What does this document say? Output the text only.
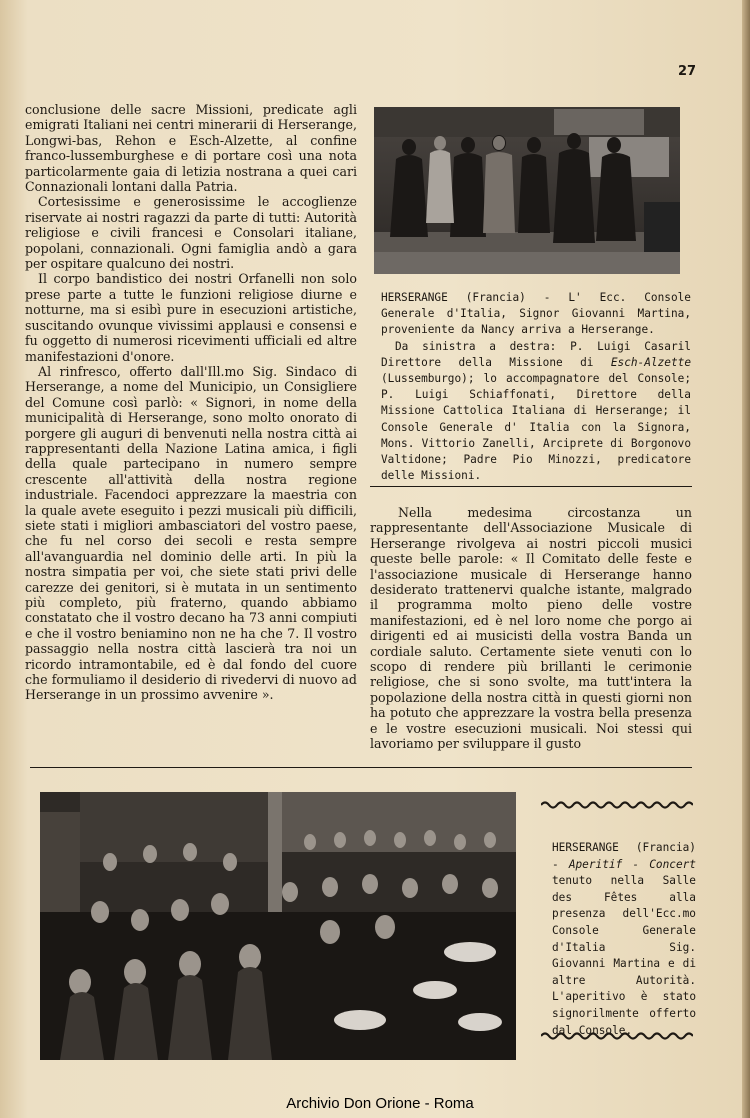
27

conclusione delle sacre Missioni, predicate agli emigrati Italiani nei centri minerarii di Herserange, Longwi-bas, Rehon e Esch-Alzette, al confine franco-lussemburghese e di portare così una nota particolarmente gaia di letizia nostrana a quei cari Connazionali lontani dalla Patria.

Cortesissime e generosissime le accoglienze riservate ai nostri ragazzi da parte di tutti: Autorità religiose e civili francesi e Consolari italiane, popolani, connazionali. Ogni famiglia andò a gara per ospitare qualcuno dei nostri.

Il corpo bandistico dei nostri Orfanelli non solo prese parte a tutte le funzioni religiose diurne e notturne, ma si esibì pure in esecuzioni artistiche, suscitando ovunque vivissimi applausi e consensi e fu oggetto di numerosi ricevimenti ufficiali ed altre manifestazioni d'onore.

Al rinfresco, offerto dall'Ill.mo Sig. Sindaco di Herserange, a nome del Municipio, un Consigliere del Comune così parlò: « Signori, in nome della municipalità di Herserange, sono molto onorato di porgere gli auguri di benvenuti nella nostra città ai rappresentanti della Nazione Latina amica, i figli della quale partecipano in numero sempre crescente all'attività della nostra regione industriale. Facendoci apprezzare la maestria con la quale avete eseguito i pezzi musicali più difficili, siete stati i migliori ambasciatori del vostro paese, che fu nel corso dei secoli e resta sempre all'avanguardia nel dominio delle arti. In più la nostra simpatia per voi, che siete stati privi delle carezze dei genitori, si è mutata in un sentimento più completo, più fraterno, quando abbiamo constatato che il vostro decano ha 73 anni compiuti e che il vostro beniamino non ne ha che 7. Il vostro passaggio nella nostra città lascierà tra noi un ricordo intramontabile, ed è dal fondo del cuore che formuliamo il desiderio di rivedervi di nuovo ad Herserange in un prossimo avvenire ».

HERSERANGE (Francia) - L' Ecc. Console Generale d'Italia, Signor Giovanni Martina, proveniente da Nancy arriva a Herserange.

Da sinistra a destra: P. Luigi Casaril Direttore della Missione di Esch-Alzette (Lussemburgo); lo accompagnatore del Console; P. Luigi Schiaffonati, Direttore della Missione Cattolica Italiana di Herserange; il Console Generale d' Italia con la Signora, Mons. Vittorio Zanelli, Arciprete di Borgonovo Valtidone; Padre Pio Minozzi, predicatore delle Missioni.

Nella medesima circostanza un rappresentante dell'Associazione Musicale di Herserange rivolgeva ai nostri piccoli musici queste belle parole: « Il Comitato delle feste e l'associazione musicale di Herserange hanno desiderato trattenervi qualche istante, malgrado il programma molto pieno delle vostre manifestazioni, ed è nel loro nome che porgo ai dirigenti ed ai musicisti della vostra Banda un cordiale saluto. Certamente siete venuti con lo scopo di rendere più brillanti le cerimonie religiose, che si sono svolte, ma tutt'intera la popolazione della nostra città in questi giorni non ha potuto che apprezzare la vostra bella presenza e le vostre esecuzioni musicali. Noi stessi qui lavoriamo per sviluppare il gusto

HERSERANGE (Francia) - Aperitif - Concert tenuto nella Salle des Fêtes alla presenza dell'Ecc.mo Console Generale d'Italia Sig. Giovanni Martina e di altre Autorità. L'aperitivo è stato signorilmente offerto dal Console.

Archivio Don Orione - Roma
